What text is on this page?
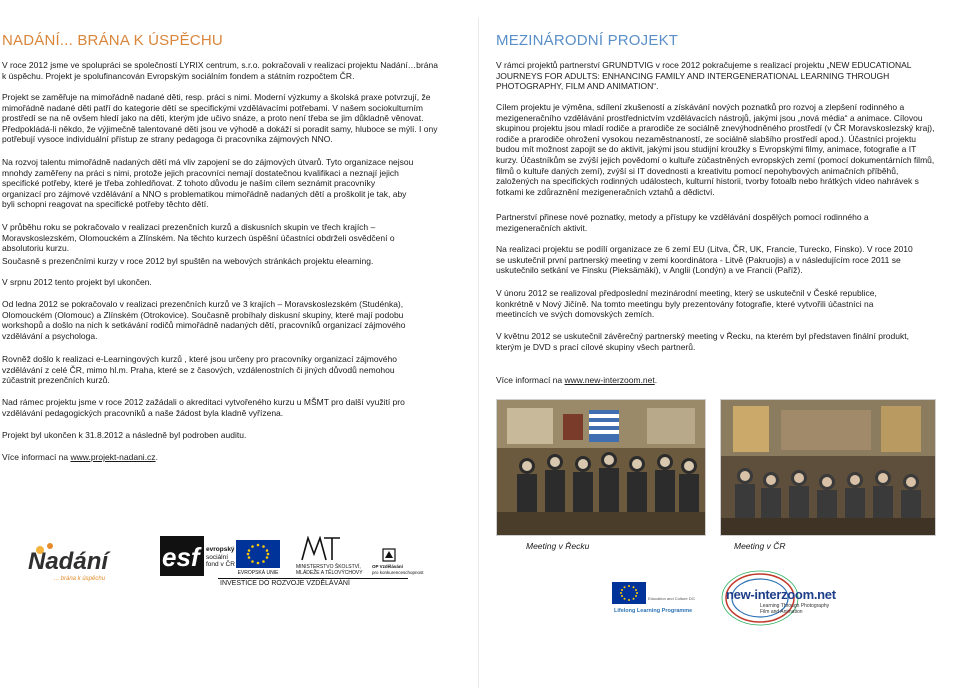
NADÁNÍ... BRÁNA K ÚSPĚCHU

V roce 2012 jsme ve spolupráci se společností LYRIX centrum, s.r.o. pokračovali v realizaci projektu Nadání…brána k úspěchu. Projekt je spolufinancován Evropským sociálním fondem a státním rozpočtem ČR.

Projekt se zaměřuje na mimořádně nadané děti, resp. práci s nimi. Moderní výzkumy a školská praxe potvrzují, že mimořádně nadané děti patří do kategorie dětí se specifickými vzdělávacími potřebami. V našem sociokulturním prostředí se na ně ovšem hledí jako na děti, kterým jde učivo snáze, a proto není třeba se jim důkladně věnovat. Předpokládá-li někdo, že výjimečně talentované děti jsou ve výhodě a dokáží si poradit samy, hluboce se mýlí. I ony potřebují vysoce individuální přístup ze strany pedagoga či pracovníka zájmových NNO.

Na rozvoj talentu mimořádně nadaných dětí má vliv zapojení se do zájmových útvarů. Tyto organizace nejsou mnohdy zaměřeny na práci s nimi, protože jejich pracovníci nemají dostatečnou kvalifikaci a neznají jejich specifické potřeby, které je třeba zohledňovat. Z tohoto důvodu je naším cílem seznámit pracovníky organizací pro zájmové vzdělávání a NNO s problematikou mimořádně nadaných dětí a proškolit je tak, aby byli schopni reagovat na specifické potřeby těchto dětí.

V průběhu roku se pokračovalo v realizaci prezenčních kurzů a diskusních skupin ve třech krajích – Moravskoslezském, Olomouckém a Zlínském. Na těchto kurzech úspěšní účastníci obdrželi osvědčení o absolutoriu kurzu.

Současně s prezenčními kurzy v roce 2012 byl spuštěn na webových stránkách projektu elearning.

V srpnu 2012 tento projekt byl ukončen.

Od ledna 2012 se pokračovalo v realizaci prezenčních kurzů ve 3 krajích – Moravskoslezském (Studénka), Olomouckém (Olomouc) a Zlínském (Otrokovice). Současně probíhaly diskusní skupiny, které mají podobu workshopů a došlo na nich k setkávání rodičů mimořádně nadaných dětí, pracovníků organizací zájmového vzdělávání a psychologa.

Rovněž došlo k realizaci e-Learningových kurzů , které jsou určeny pro pracovníky organizací zájmového vzdělávání z celé ČR, mimo hl.m. Praha, které se z časových, vzdálenostních či jiných důvodů nemohou zúčastnit prezenčních kurzů.

Nad rámec projektu jsme v roce 2012 zažádali o akreditaci vytvořeného kurzu u MŠMT pro další využití pro vzdělávání pedagogických pracovníků a naše žádost byla kladně vyřízena.

Projekt byl ukončen k 31.8.2012 a následně byl podroben auditu.

Více informací na www.projekt-nadani.cz.

Nadání
... brána k úspěchu
esf evropský
sociální
fond v ČR
EVROPSKÁ UNIE
MINISTERSTVO ŠKOLSTVÍ,
MLÁDEŽE A TĚLOVÝCHOVY
OP Vzdělávání
pro konkurenceschopnost
INVESTICE DO ROZVOJE VZDĚLÁVÁNÍ
MEZINÁRODNÍ PROJEKT

V rámci projektů partnerství GRUNDTVIG v roce 2012 pokračujeme s realizací projektu „NEW EDUCATIONAL JOURNEYS FOR ADULTS: ENHANCING FAMILY AND INTERGENERATIONAL LEARNING THROUGH PHOTOGRAPHY, FILM AND ANIMATION“.

Cílem projektu je výměna, sdílení zkušeností a získávání nových poznatků pro rozvoj a zlepšení rodinného a mezigeneračního vzdělávání prostřednictvím vzdělávacích nástrojů, jakými jsou „nová média“ a animace. Cílovou skupinou projektu jsou mladí rodiče a prarodiče ze sociálně znevýhodněného prostředí (v ČR Moravskoslezský kraj), rodiče a prarodiče ohrožení vysokou nezaměstnaností, ze sociálně slabšího prostředí apod.). Účastníci projektu budou mít možnost zapojit se do aktivit, jakými jsou studijní kroužky s Evropskými filmy, animace, fotografie a IT kurzy. Účastníkům se zvýší jejich povědomí o kultuře zúčastněných evropských zemí (pomocí dokumentárních filmů, filmů o kultuře daných zemí), zvýší si IT dovednosti a kreativitu pomocí nepohybových animačních příběhů, založených na specifických rodinných událostech, kulturní historii, tvorby fotoalb nebo hrátkých video nahrávek s fotkami ke zdůraznění mezigeneračních vztahů a dědictví.

Partnerství přinese nové poznatky, metody a přístupy ke vzdělávání dospělých pomocí rodinného a mezigeneračních aktivit.

Na realizaci projektu se podílí organizace ze 6 zemí EU (Litva, ČR, UK, Francie, Turecko, Finsko). V roce 2010 se uskutečnil první partnerský meeting v zemi koordinátora - Litvě (Pakruojis) a v následujícím roce 2011 se uskutečnilo setkání ve Finsku (Pieksämäki), v Anglii (Londýn) a ve Francii (Paříž).

V únoru 2012 se realizoval předposlední mezinárodní meeting, který se uskutečnil v České republice, konkrétně v Nový Jičíně. Na tomto meetingu byly prezentovány fotografie, které vytvořili účastníci na meetincích ve svých domovských zemích.

V květnu 2012 se uskutečnil závěrečný partnerský meeting v Řecku, na kterém byl představen finální produkt, kterým je DVD s prací cílové skupiny všech partnerů.

Více informací na www.new-interzoom.net.

Meeting v Řecku	Meeting v ČR
Education and Culture DG
Lifelong Learning Programme
new-interzoom.net
Learning Through Photography
Film and Animation
